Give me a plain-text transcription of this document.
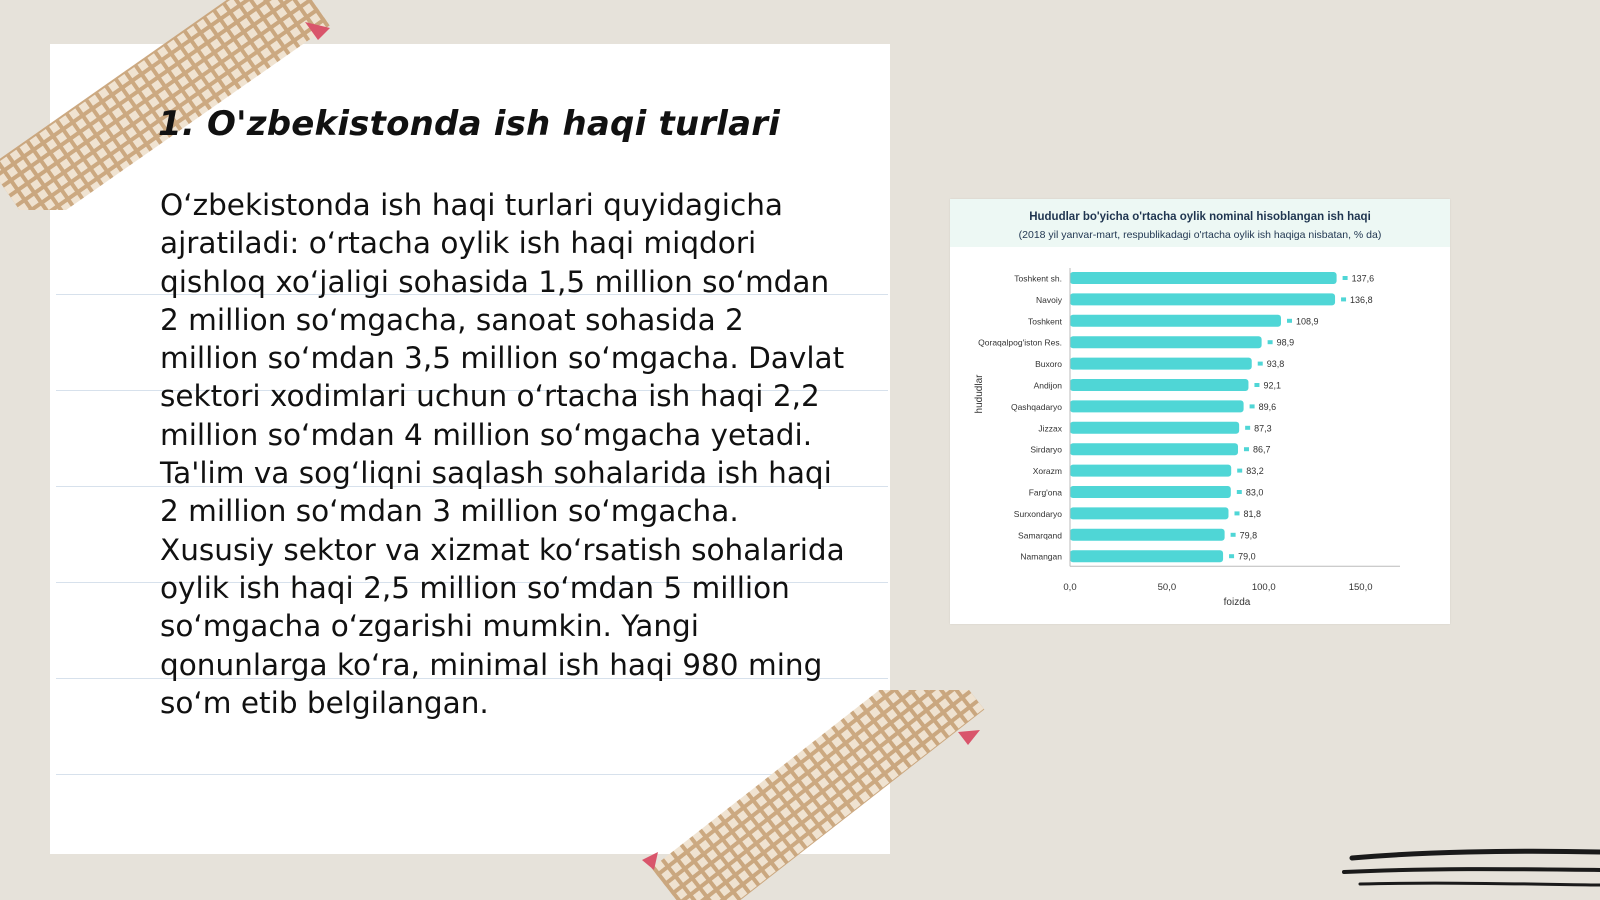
1. O'zbekistonda ish haqi turlari

O‘zbekistonda ish haqi turlari quyidagicha ajratiladi: o‘rtacha oylik ish haqi miqdori qishloq xo‘jaligi sohasida 1,5 million so‘mdan 2 million so‘mgacha, sanoat sohasida 2 million so‘mdan 3,5 million so‘mgacha. Davlat sektori xodimlari uchun o‘rtacha ish haqi 2,2 million so‘mdan 4 million so‘mgacha yetadi. Ta'lim va sog‘liqni saqlash sohalarida ish haqi 2 million so‘mdan 3 million so‘mgacha. Xususiy sektor va xizmat ko‘rsatish sohalarida oylik ish haqi 2,5 million so‘mdan 5 million so‘mgacha o‘zgarishi mumkin. Yangi qonunlarga ko‘ra, minimal ish haqi 980 ming so‘m etib belgilangan.

Hududlar bo'yicha o'rtacha oylik nominal hisoblangan ish haqi
(2018 yil yanvar-mart, respublikadagi o'rtacha oylik ish haqiga nisbatan, % da)
hududlar
foizda
Toshkent sh.	137,6
Navoiy	136,8
Toshkent	108,9
Qoraqalpog'iston Res.	98,9
Buxoro	93,8
Andijon	92,1
Qashqadaryo	89,6
Jizzax	87,3
Sirdaryo	86,7
Xorazm	83,2
Farg'ona	83,0
Surxondaryo	81,8
Samarqand	79,8
Namangan	79,0
0,0	50,0	100,0	150,0
